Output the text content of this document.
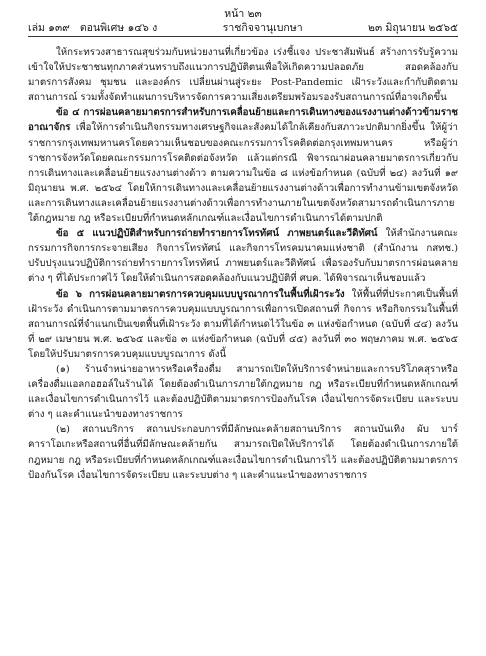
หน้า ๒๓
เล่ม ๑๓๙ ตอนพิเศษ ๑๔๖ ง	ราชกิจจานุเบกษา	๒๓ มิถุนายน ๒๕๖๕

ให้กระทรวงสาธารณสุขร่วมกับหน่วยงานที่เกี่ยวข้อง เร่งชี้แจง ประชาสัมพันธ์ สร้างการรับรู้ความเข้าใจให้ประชาชนทุกภาคส่วนทราบถึงแนวการปฏิบัติตนเพื่อให้เกิดความปลอดภัย สอดคล้องกับมาตรการสังคม ชุมชน และองค์กร เปลี่ยนผ่านสู่ระยะ Post-Pandemic เฝ้าระวังและกำกับติดตามสถานการณ์ รวมทั้งจัดทำแผนการบริหารจัดการความเสี่ยงเตรียมพร้อมรองรับสถานการณ์ที่อาจเกิดขึ้น

ข้อ ๔ การผ่อนคลายมาตรการสำหรับการเคลื่อนย้ายและการเดินทางของแรงงานต่างด้าวข้ามราชอาณาจักร เพื่อให้การดำเนินกิจกรรมทางเศรษฐกิจและสังคมได้ใกล้เคียงกับสภาวะปกติมากยิ่งขึ้น ให้ผู้ว่าราชการกรุงเทพมหานครโดยความเห็นชอบของคณะกรรมการโรคติดต่อกรุงเทพมหานคร หรือผู้ว่าราชการจังหวัดโดยคณะกรรมการโรคติดต่อจังหวัด แล้วแต่กรณี พิจารณาผ่อนคลายมาตรการเกี่ยวกับการเดินทางและเคลื่อนย้ายแรงงานต่างด้าว ตามความในข้อ ๘ แห่งข้อกำหนด (ฉบับที่ ๒๔) ลงวันที่ ๑๙ มิถุนายน พ.ศ. ๒๕๖๔ โดยให้การเดินทางและเคลื่อนย้ายแรงงานต่างด้าวเพื่อการทำงานข้ามเขตจังหวัดและการเดินทางและเคลื่อนย้ายแรงงานต่างด้าวเพื่อการทำงานภายในเขตจังหวัดสามารถดำเนินการภายใต้กฎหมาย กฎ หรือระเบียบที่กำหนดหลักเกณฑ์และเงื่อนไขการดำเนินการได้ตามปกติ

ข้อ ๕ แนวปฏิบัติสำหรับการถ่ายทำรายการโทรทัศน์ ภาพยนตร์และวีดิทัศน์ ให้สำนักงานคณะกรรมการกิจการกระจายเสียง กิจการโทรทัศน์ และกิจการโทรคมนาคมแห่งชาติ (สำนักงาน กสทช.) ปรับปรุงแนวปฏิบัติการถ่ายทำรายการโทรทัศน์ ภาพยนตร์และวีดิทัศน์ เพื่อรองรับกับมาตรการผ่อนคลายต่าง ๆ ที่ได้ประกาศไว้ โดยให้ดำเนินการสอดคล้องกับแนวปฏิบัติที่ ศบค. ได้พิจารณาเห็นชอบแล้ว

ข้อ ๖ การผ่อนคลายมาตรการควบคุมแบบบูรณาการในพื้นที่เฝ้าระวัง ให้พื้นที่ที่ประกาศเป็นพื้นที่เฝ้าระวัง ดำเนินการตามมาตรการควบคุมแบบบูรณาการเพื่อการเปิดสถานที่ กิจการ หรือกิจกรรมในพื้นที่สถานการณ์ที่จำแนกเป็นเขตพื้นที่เฝ้าระวัง ตามที่ได้กำหนดไว้ในข้อ ๓ แห่งข้อกำหนด (ฉบับที่ ๔๔) ลงวันที่ ๒๙ เมษายน พ.ศ. ๒๕๖๕ และข้อ ๓ แห่งข้อกำหนด (ฉบับที่ ๔๕) ลงวันที่ ๓๐ พฤษภาคม พ.ศ. ๒๕๖๕ โดยให้ปรับมาตรการควบคุมแบบบูรณาการ ดังนี้

(๑) ร้านจำหน่ายอาหารหรือเครื่องดื่ม สามารถเปิดให้บริการจำหน่ายและการบริโภคสุราหรือเครื่องดื่มแอลกอฮอล์ในร้านได้ โดยต้องดำเนินการภายใต้กฎหมาย กฎ หรือระเบียบที่กำหนดหลักเกณฑ์และเงื่อนไขการดำเนินการไว้ และต้องปฏิบัติตามมาตรการป้องกันโรค เงื่อนไขการจัดระเบียบ และระบบต่าง ๆ และคำแนะนำของทางราชการ

(๒) สถานบริการ สถานประกอบการที่มีลักษณะคล้ายสถานบริการ สถานบันเทิง ผับ บาร์ คาราโอเกะหรือสถานที่อื่นที่มีลักษณะคล้ายกัน สามารถเปิดให้บริการได้ โดยต้องดำเนินการภายใต้กฎหมาย กฎ หรือระเบียบที่กำหนดหลักเกณฑ์และเงื่อนไขการดำเนินการไว้ และต้องปฏิบัติตามมาตรการป้องกันโรค เงื่อนไขการจัดระเบียบ และระบบต่าง ๆ และคำแนะนำของทางราชการ
